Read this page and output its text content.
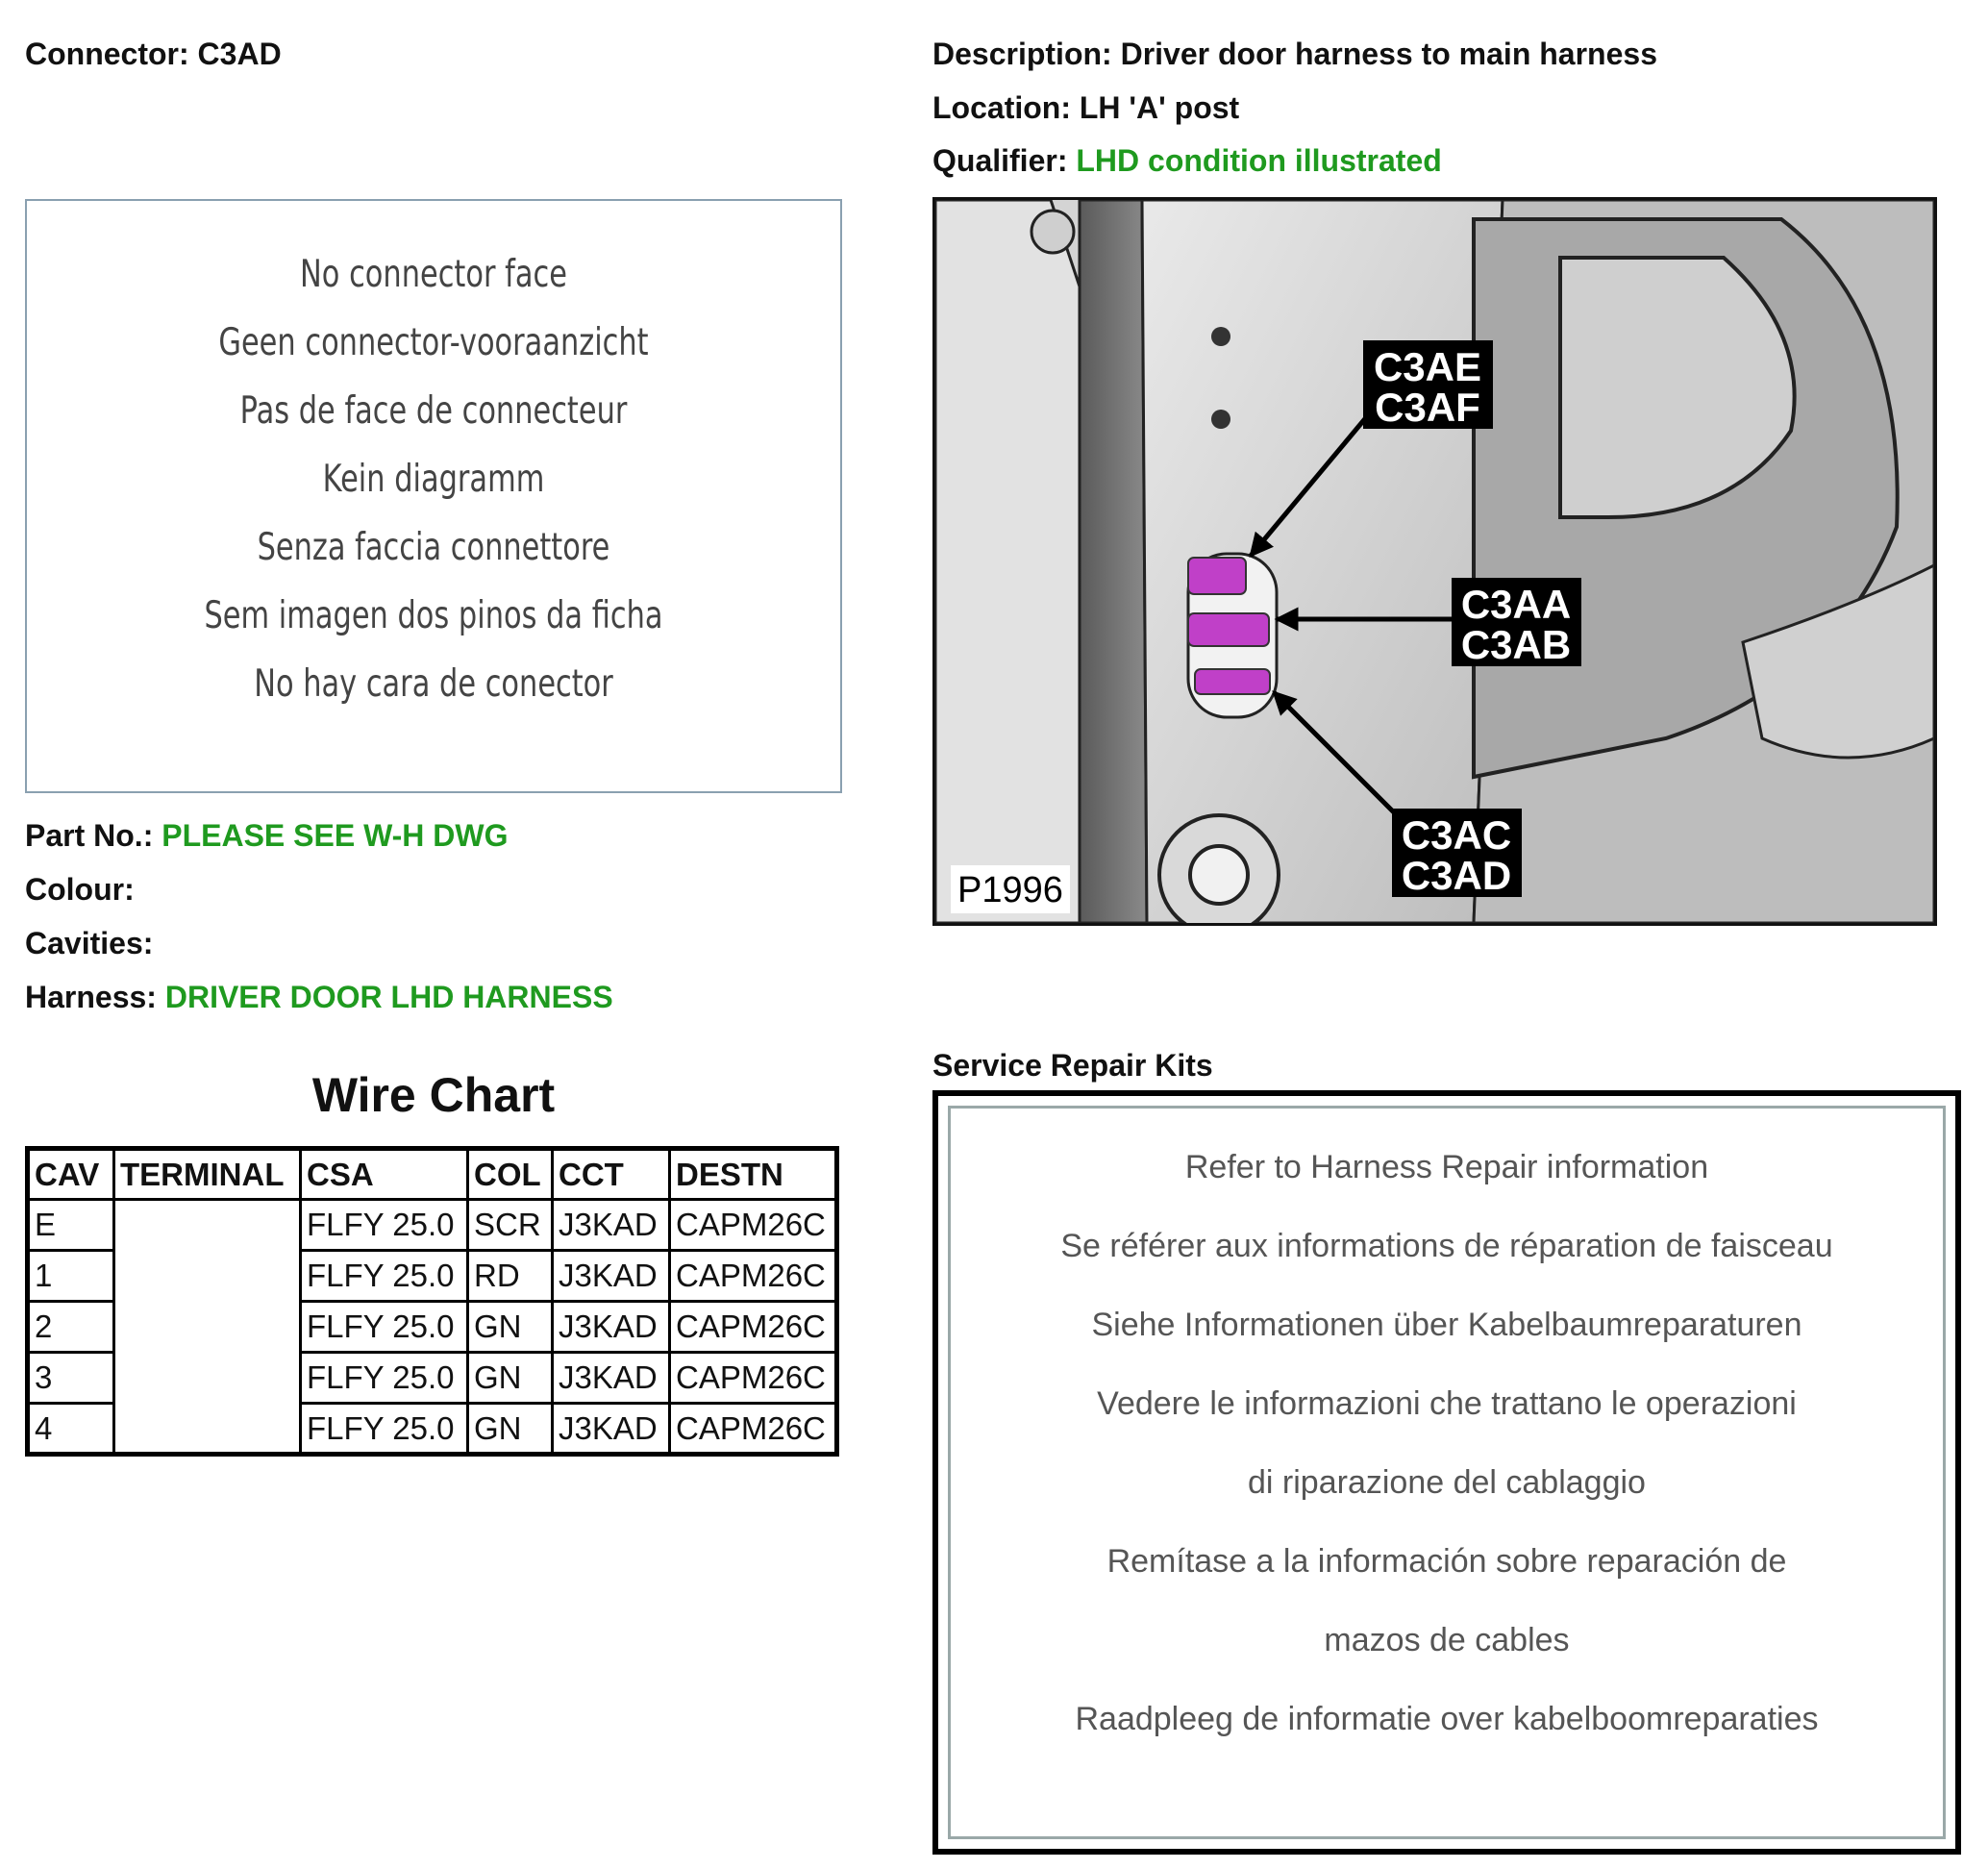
Connector: C3AD	Description: Driver door harness to main harness
Location: LH 'A' post
Qualifier: LHD condition illustrated
No connector face
Geen connector-vooraanzicht
Pas de face de connecteur
Kein diagramm
Senza faccia connettore
Sem imagen dos pinos da ficha
No hay cara de conector
Part No.: PLEASE SEE W-H DWG
Colour:
Cavities:
Harness: DRIVER DOOR LHD HARNESS
Wire Chart
CAV	TERMINAL	CSA	COL	CCT	DESTN
E		FLFY 25.0	SCR	J3KAD	CAPM26C
1		FLFY 25.0	RD	J3KAD	CAPM26C
2		FLFY 25.0	GN	J3KAD	CAPM26C
3		FLFY 25.0	GN	J3KAD	CAPM26C
4		FLFY 25.0	GN	J3KAD	CAPM26C
C3AE
C3AF
C3AA
C3AB
C3AC
C3AD
P1996
Service Repair Kits
Refer to Harness Repair information
Se référer aux informations de réparation de faisceau
Siehe Informationen über Kabelbaumreparaturen
Vedere le informazioni che trattano le operazioni
di riparazione del cablaggio
Remítase a la información sobre reparación de
mazos de cables
Raadpleeg de informatie over kabelboomreparaties
